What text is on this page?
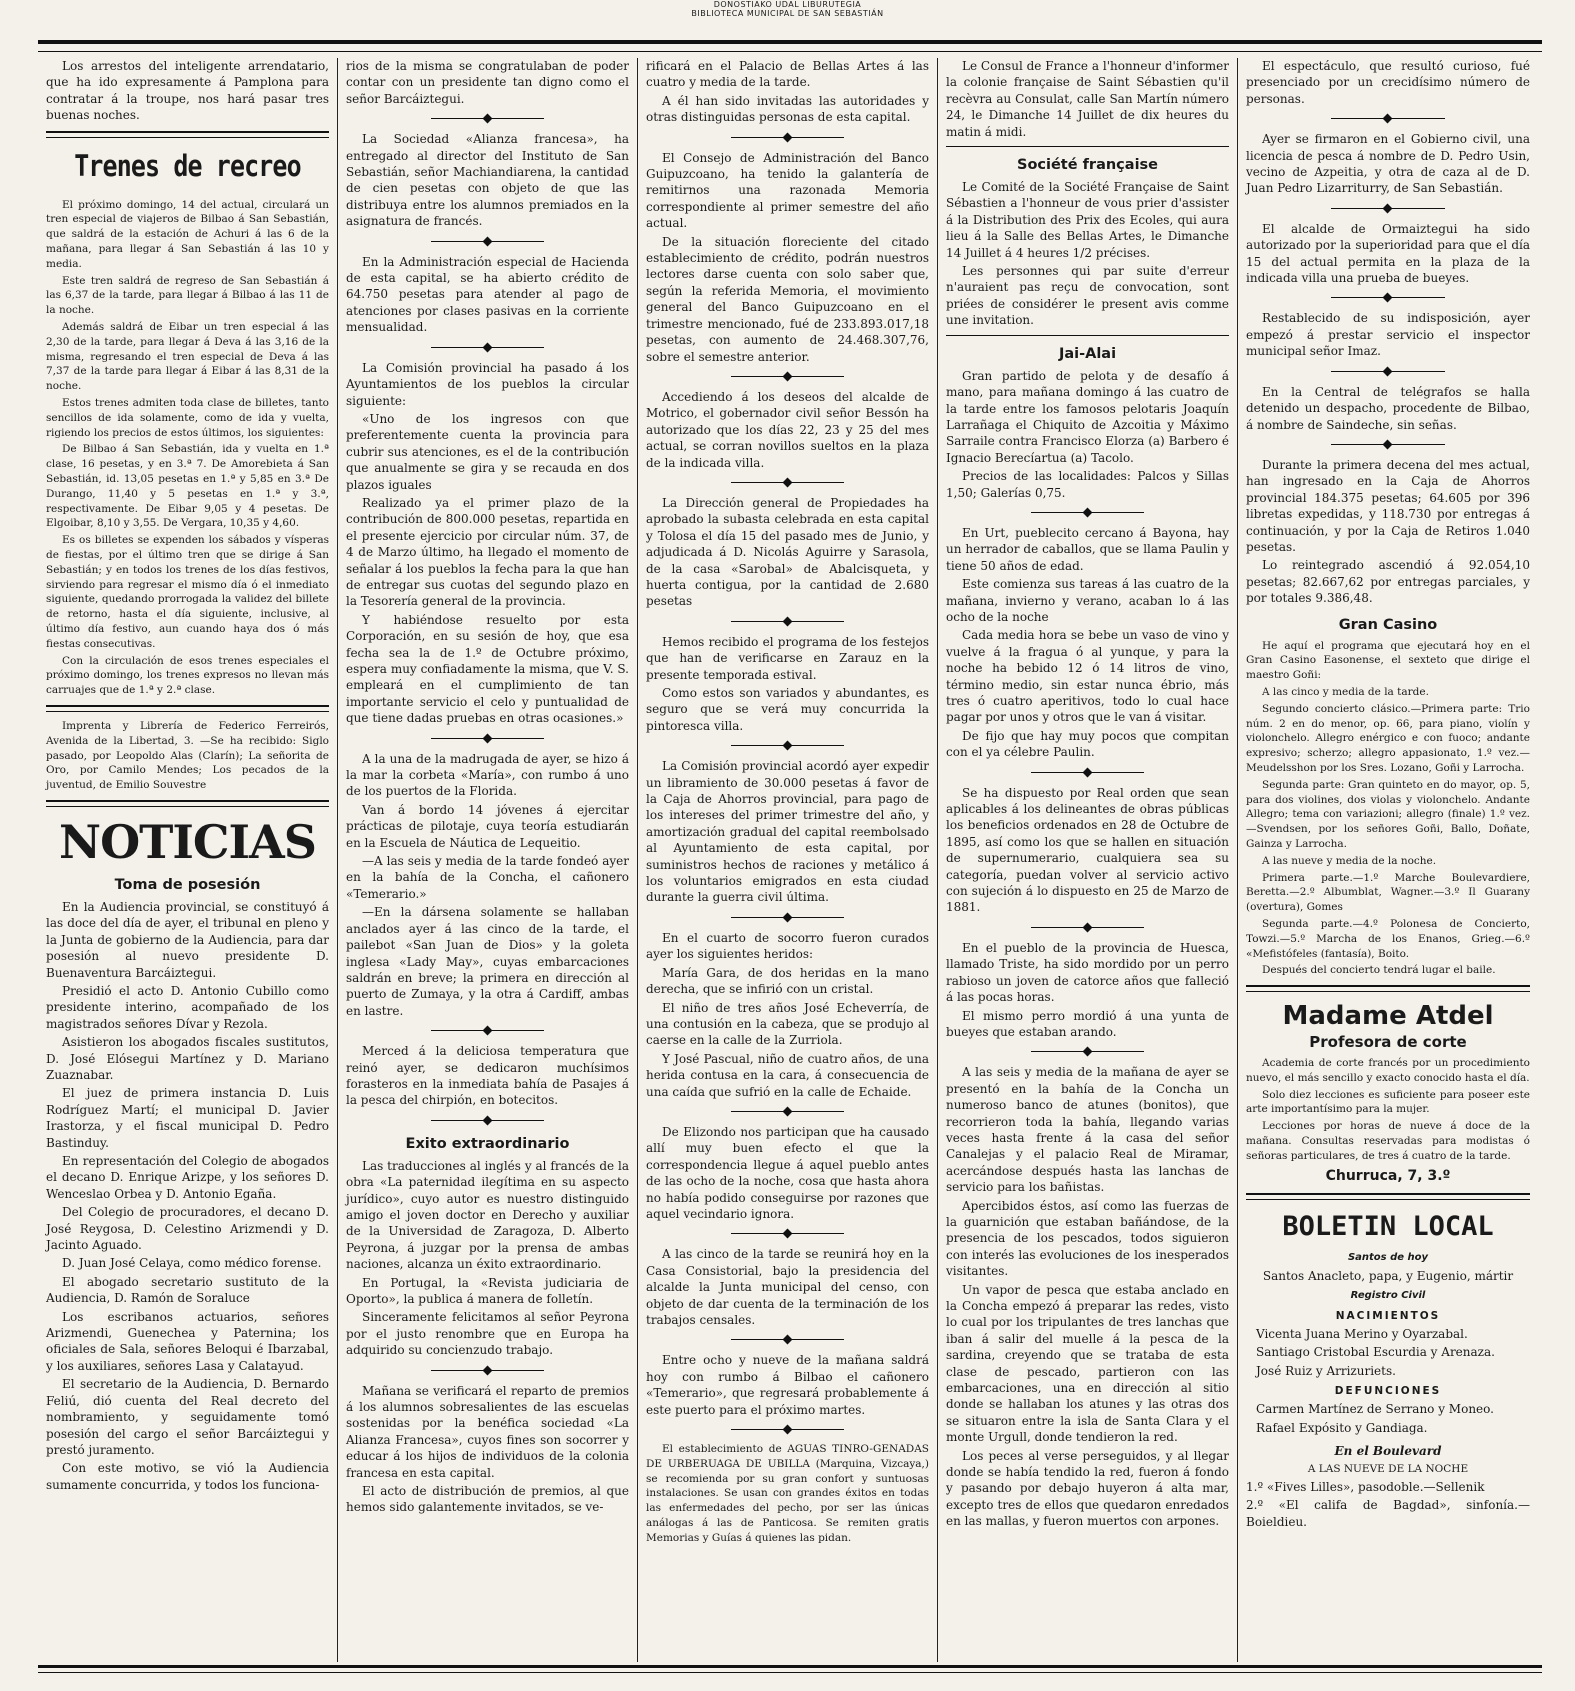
DONOSTIAKO UDAL LIBURUTEGIA
BIBLIOTECA MUNICIPAL DE SAN SEBASTIÁN

Los arrestos del inteligente arrendatario, que ha ido expresamente á Pamplona para contratar á la troupe, nos hará pasar tres buenas noches.

Trenes de recreo

El próximo domingo, 14 del actual, circulará un tren especial de viajeros de Bilbao á San Sebastián, que saldrá de la estación de Achuri á las 6 de la mañana, para llegar á San Sebastián á las 10 y media.

Este tren saldrá de regreso de San Sebastián á las 6,37 de la tarde, para llegar á Bilbao á las 11 de la noche.

Además saldrá de Eibar un tren especial á las 2,30 de la tarde, para llegar á Deva á las 3,16 de la misma, regresando el tren especial de Deva á las 7,37 de la tarde para llegar á Eibar á las 8,31 de la noche.

Estos trenes admiten toda clase de billetes, tanto sencillos de ida solamente, como de ida y vuelta, rigiendo los precios de estos últimos, los siguientes:

De Bilbao á San Sebastián, ida y vuelta en 1.ª clase, 16 pesetas, y en 3.ª 7. De Amorebieta á San Sebastián, id. 13,05 pesetas en 1.ª y 5,85 en 3.ª De Durango, 11,40 y 5 pesetas en 1.ª y 3.ª, respectivamente. De Eibar 9,05 y 4 pesetas. De Elgoibar, 8,10 y 3,55. De Vergara, 10,35 y 4,60.

Es os billetes se expenden los sábados y vísperas de fiestas, por el último tren que se dirige á San Sebastián; y en todos los trenes de los días festivos, sirviendo para regresar el mismo día ó el inmediato siguiente, quedando prorrogada la validez del billete de retorno, hasta el día siguiente, inclusive, al último día festivo, aun cuando haya dos ó más fiestas consecutivas.

Con la circulación de esos trenes especiales el próximo domingo, los trenes expresos no llevan más carruajes que de 1.ª y 2.ª clase.

Imprenta y Librería de Federico Ferreirós, Avenida de la Libertad, 3. —Se ha recibido: Siglo pasado, por Leopoldo Alas (Clarín); La señorita de Oro, por Camilo Mendes; Los pecados de la juventud, de Emilio Souvestre

NOTICIAS
Toma de posesión

En la Audiencia provincial, se constituyó á las doce del día de ayer, el tribunal en pleno y la Junta de gobierno de la Audiencia, para dar posesión al nuevo presidente D. Buenaventura Barcáiztegui.

Presidió el acto D. Antonio Cubillo como presidente interino, acompañado de los magistrados señores Dívar y Rezola.

Asistieron los abogados fiscales sustitutos, D. José Elósegui Martínez y D. Mariano Zuaznabar.

El juez de primera instancia D. Luis Rodríguez Martí; el municipal D. Javier Irastorza, y el fiscal municipal D. Pedro Bastinduy.

En representación del Colegio de abogados el decano D. Enrique Arizpe, y los señores D. Wenceslao Orbea y D. Antonio Egaña.

Del Colegio de procuradores, el decano D. José Reygosa, D. Celestino Arizmendi y D. Jacinto Aguado.

D. Juan José Celaya, como médico forense.

El abogado secretario sustituto de la Audiencia, D. Ramón de Soraluce

Los escribanos actuarios, señores Arizmendi, Guenechea y Paternina; los oficiales de Sala, señores Beloqui é Ibarzabal, y los auxiliares, señores Lasa y Calatayud.

El secretario de la Audiencia, D. Bernardo Feliú, dió cuenta del Real decreto del nombramiento, y seguidamente tomó posesión del cargo el señor Barcáiztegui y prestó juramento.

Con este motivo, se vió la Audiencia sumamente concurrida, y todos los funciona-

rios de la misma se congratulaban de poder contar con un presidente tan digno como el señor Barcáiztegui.

La Sociedad «Alianza francesa», ha entregado al director del Instituto de San Sebastián, señor Machiandiarena, la cantidad de cien pesetas con objeto de que las distribuya entre los alumnos premiados en la asignatura de francés.

En la Administración especial de Hacienda de esta capital, se ha abierto crédito de 64.750 pesetas para atender al pago de atenciones por clases pasivas en la corriente mensualidad.

La Comisión provincial ha pasado á los Ayuntamientos de los pueblos la circular siguiente:

«Uno de los ingresos con que preferentemente cuenta la provincia para cubrir sus atenciones, es el de la contribución que anualmente se gira y se recauda en dos plazos iguales

Realizado ya el primer plazo de la contribución de 800.000 pesetas, repartida en el presente ejercicio por circular núm. 37, de 4 de Marzo último, ha llegado el momento de señalar á los pueblos la fecha para la que han de entregar sus cuotas del segundo plazo en la Tesorería general de la provincia.

Y habiéndose resuelto por esta Corporación, en su sesión de hoy, que esa fecha sea la de 1.º de Octubre próximo, espera muy confiadamente la misma, que V. S. empleará en el cumplimiento de tan importante servicio el celo y puntualidad de que tiene dadas pruebas en otras ocasiones.»

A la una de la madrugada de ayer, se hizo á la mar la corbeta «María», con rumbo á uno de los puertos de la Florida.

Van á bordo 14 jóvenes á ejercitar prácticas de pilotaje, cuya teoría estudiarán en la Escuela de Náutica de Lequeitio.

—A las seis y media de la tarde fondeó ayer en la bahía de la Concha, el cañonero «Temerario.»

—En la dársena solamente se hallaban anclados ayer á las cinco de la tarde, el pailebot «San Juan de Dios» y la goleta inglesa «Lady May», cuyas embarcaciones saldrán en breve; la primera en dirección al puerto de Zumaya, y la otra á Cardiff, ambas en lastre.

Merced á la deliciosa temperatura que reinó ayer, se dedicaron muchísimos forasteros en la inmediata bahía de Pasajes á la pesca del chirpión, en botecitos.

Exito extraordinario

Las traducciones al inglés y al francés de la obra «La paternidad ilegítima en su aspecto jurídico», cuyo autor es nuestro distinguido amigo el joven doctor en Derecho y auxiliar de la Universidad de Zaragoza, D. Alberto Peyrona, á juzgar por la prensa de ambas naciones, alcanza un éxito extraordinario.

En Portugal, la «Revista judiciaria de Oporto», la publica á manera de folletín.

Sinceramente felicitamos al señor Peyrona por el justo renombre que en Europa ha adquirido su concienzudo trabajo.

Mañana se verificará el reparto de premios á los alumnos sobresalientes de las escuelas sostenidas por la benéfica sociedad «La Alianza Francesa», cuyos fines son socorrer y educar á los hijos de individuos de la colonia francesa en esta capital.

El acto de distribución de premios, al que hemos sido galantemente invitados, se ve-

rificará en el Palacio de Bellas Artes á las cuatro y media de la tarde.

A él han sido invitadas las autoridades y otras distinguidas personas de esta capital.

El Consejo de Administración del Banco Guipuzcoano, ha tenido la galantería de remitirnos una razonada Memoria correspondiente al primer semestre del año actual.

De la situación floreciente del citado establecimiento de crédito, podrán nuestros lectores darse cuenta con solo saber que, según la referida Memoria, el movimiento general del Banco Guipuzcoano en el trimestre mencionado, fué de 233.893.017,18 pesetas, con aumento de 24.468.307,76, sobre el semestre anterior.

Accediendo á los deseos del alcalde de Motrico, el gobernador civil señor Bessón ha autorizado que los días 22, 23 y 25 del mes actual, se corran novillos sueltos en la plaza de la indicada villa.

La Dirección general de Propiedades ha aprobado la subasta celebrada en esta capital y Tolosa el día 15 del pasado mes de Junio, y adjudicada á D. Nicolás Aguirre y Sarasola, de la casa «Sarobal» de Abalcisqueta, y huerta contigua, por la cantidad de 2.680 pesetas

Hemos recibido el programa de los festejos que han de verificarse en Zarauz en la presente temporada estival.

Como estos son variados y abundantes, es seguro que se verá muy concurrida la pintoresca villa.

La Comisión provincial acordó ayer expedir un libramiento de 30.000 pesetas á favor de la Caja de Ahorros provincial, para pago de los intereses del primer trimestre del año, y amortización gradual del capital reembolsado al Ayuntamiento de esta capital, por suministros hechos de raciones y metálico á los voluntarios emigrados en esta ciudad durante la guerra civil última.

En el cuarto de socorro fueron curados ayer los siguientes heridos:

María Gara, de dos heridas en la mano derecha, que se infirió con un cristal.

El niño de tres años José Echeverría, de una contusión en la cabeza, que se produjo al caerse en la calle de la Zurriola.

Y José Pascual, niño de cuatro años, de una herida contusa en la cara, á consecuencia de una caída que sufrió en la calle de Echaide.

De Elizondo nos participan que ha causado allí muy buen efecto el que la correspondencia llegue á aquel pueblo antes de las ocho de la noche, cosa que hasta ahora no había podido conseguirse por razones que aquel vecindario ignora.

A las cinco de la tarde se reunirá hoy en la Casa Consistorial, bajo la presidencia del alcalde la Junta municipal del censo, con objeto de dar cuenta de la terminación de los trabajos censales.

Entre ocho y nueve de la mañana saldrá hoy con rumbo á Bilbao el cañonero «Temerario», que regresará probablemente á este puerto para el próximo martes.

El establecimiento de AGUAS TINRO-GENADAS DE URBERUAGA DE UBILLA (Marquina, Vizcaya,) se recomienda por su gran confort y suntuosas instalaciones. Se usan con grandes éxitos en todas las enfermedades del pecho, por ser las únicas análogas á las de Panticosa. Se remiten gratis Memorias y Guías á quienes las pidan.

Le Consul de France a l'honneur d'informer la colonie française de Saint Sébastien qu'il recèvra au Consulat, calle San Martín número 24, le Dimanche 14 Juillet de dix heures du matin á midi.

Société française

Le Comité de la Société Française de Saint Sébastien a l'honneur de vous prier d'assister á la Distribution des Prix des Ecoles, qui aura lieu á la Salle des Bellas Artes, le Dimanche 14 Juillet á 4 heures 1/2 précises.

Les personnes qui par suite d'erreur n'auraient pas reçu de convocation, sont priées de considérer le present avis comme une invitation.

Jai-Alai

Gran partido de pelota y de desafío á mano, para mañana domingo á las cuatro de la tarde entre los famosos pelotaris Joaquín Larrañaga el Chiquito de Azcoitia y Máximo Sarraile contra Francisco Elorza (a) Barbero é Ignacio Berecíartua (a) Tacolo.

Precios de las localidades: Palcos y Sillas 1,50; Galerías 0,75.

En Urt, pueblecito cercano á Bayona, hay un herrador de caballos, que se llama Paulin y tiene 50 años de edad.

Este comienza sus tareas á las cuatro de la mañana, invierno y verano, acaban lo á las ocho de la noche

Cada media hora se bebe un vaso de vino y vuelve á la fragua ó al yunque, y para la noche ha bebido 12 ó 14 litros de vino, término medio, sin estar nunca ébrio, más tres ó cuatro aperitivos, todo lo cual hace pagar por unos y otros que le van á visitar.

De fijo que hay muy pocos que compitan con el ya célebre Paulin.

Se ha dispuesto por Real orden que sean aplicables á los delineantes de obras públicas los beneficios ordenados en 28 de Octubre de 1895, así como los que se hallen en situación de supernumerario, cualquiera sea su categoría, puedan volver al servicio activo con sujeción á lo dispuesto en 25 de Marzo de 1881.

En el pueblo de la provincia de Huesca, llamado Triste, ha sido mordido por un perro rabioso un joven de catorce años que falleció á las pocas horas.

El mismo perro mordió á una yunta de bueyes que estaban arando.

A las seis y media de la mañana de ayer se presentó en la bahía de la Concha un numeroso banco de atunes (bonitos), que recorrieron toda la bahía, llegando varias veces hasta frente á la casa del señor Canalejas y el palacio Real de Miramar, acercándose después hasta las lanchas de servicio para los bañistas.

Apercibidos éstos, así como las fuerzas de la guarnición que estaban bañándose, de la presencia de los pescados, todos siguieron con interés las evoluciones de los inesperados visitantes.

Un vapor de pesca que estaba anclado en la Concha empezó á preparar las redes, visto lo cual por los tripulantes de tres lanchas que iban á salir del muelle á la pesca de la sardina, creyendo que se trataba de esta clase de pescado, partieron con las embarcaciones, una en dirección al sitio donde se hallaban los atunes y las otras dos se situaron entre la isla de Santa Clara y el monte Urgull, donde tendieron la red.

Los peces al verse perseguidos, y al llegar donde se había tendido la red, fueron á fondo y pasando por debajo huyeron á alta mar, excepto tres de ellos que quedaron enredados en las mallas, y fueron muertos con arpones.

El espectáculo, que resultó curioso, fué presenciado por un crecidísimo número de personas.

Ayer se firmaron en el Gobierno civil, una licencia de pesca á nombre de D. Pedro Usin, vecino de Azpeitia, y otra de caza al de D. Juan Pedro Lizarriturry, de San Sebastián.

El alcalde de Ormaiztegui ha sido autorizado por la superioridad para que el día 15 del actual permita en la plaza de la indicada villa una prueba de bueyes.

Restablecido de su indisposición, ayer empezó á prestar servicio el inspector municipal señor Imaz.

En la Central de telégrafos se halla detenido un despacho, procedente de Bilbao, á nombre de Saindeche, sin señas.

Durante la primera decena del mes actual, han ingresado en la Caja de Ahorros provincial 184.375 pesetas; 64.605 por 396 libretas expedidas, y 118.730 por entregas á continuación, y por la Caja de Retiros 1.040 pesetas.

Lo reintegrado ascendió á 92.054,10 pesetas; 82.667,62 por entregas parciales, y por totales 9.386,48.

Gran Casino

He aquí el programa que ejecutará hoy en el Gran Casino Easonense, el sexteto que dirige el maestro Goñi:

A las cinco y media de la tarde.

Segundo concierto clásico.—Primera parte: Trio núm. 2 en do menor, op. 66, para piano, violín y violonchelo. Allegro enérgico e con fuoco; andante expresivo; scherzo; allegro appasionato, 1.º vez.—Meudelsshon por los Sres. Lozano, Goñi y Larrocha.

Segunda parte: Gran quinteto en do mayor, op. 5, para dos violines, dos violas y violonchelo. Andante Allegro; tema con variazioni; allegro (finale) 1.º vez.—Svendsen, por los señores Goñi, Ballo, Doñate, Gainza y Larrocha.

A las nueve y media de la noche.

Primera parte.—1.º Marche Boulevardiere, Beretta.—2.º Albumblat, Wagner.—3.º Il Guarany (overtura), Gomes

Segunda parte.—4.º Polonesa de Concierto, Towzi.—5.º Marcha de los Enanos, Grieg.—6.º «Mefistófeles (fantasía), Boito.

Después del concierto tendrá lugar el baile.

Madame Atdel
Profesora de corte

Academia de corte francés por un procedimiento nuevo, el más sencillo y exacto conocido hasta el día.

Solo diez lecciones es suficiente para poseer este arte importantísimo para la mujer.

Lecciones por horas de nueve á doce de la mañana. Consultas reservadas para modistas ó señoras particulares, de tres á cuatro de la tarde.

Churruca, 7, 3.º
BOLETIN LOCAL
Santos de hoy

Santos Anacleto, papa, y Eugenio, mártir

Registro Civil
NACIMIENTOS

Vicenta Juana Merino y Oyarzabal.

Santiago Cristobal Escurdia y Arenaza.

José Ruiz y Arrizuriets.

DEFUNCIONES

Carmen Martínez de Serrano y Moneo.

Rafael Expósito y Gandiaga.

En el Boulevard

A LAS NUEVE DE LA NOCHE

1.º «Fives Lilles», pasodoble.—Sellenik

2.º «El califa de Bagdad», sinfonía.—Boieldieu.
